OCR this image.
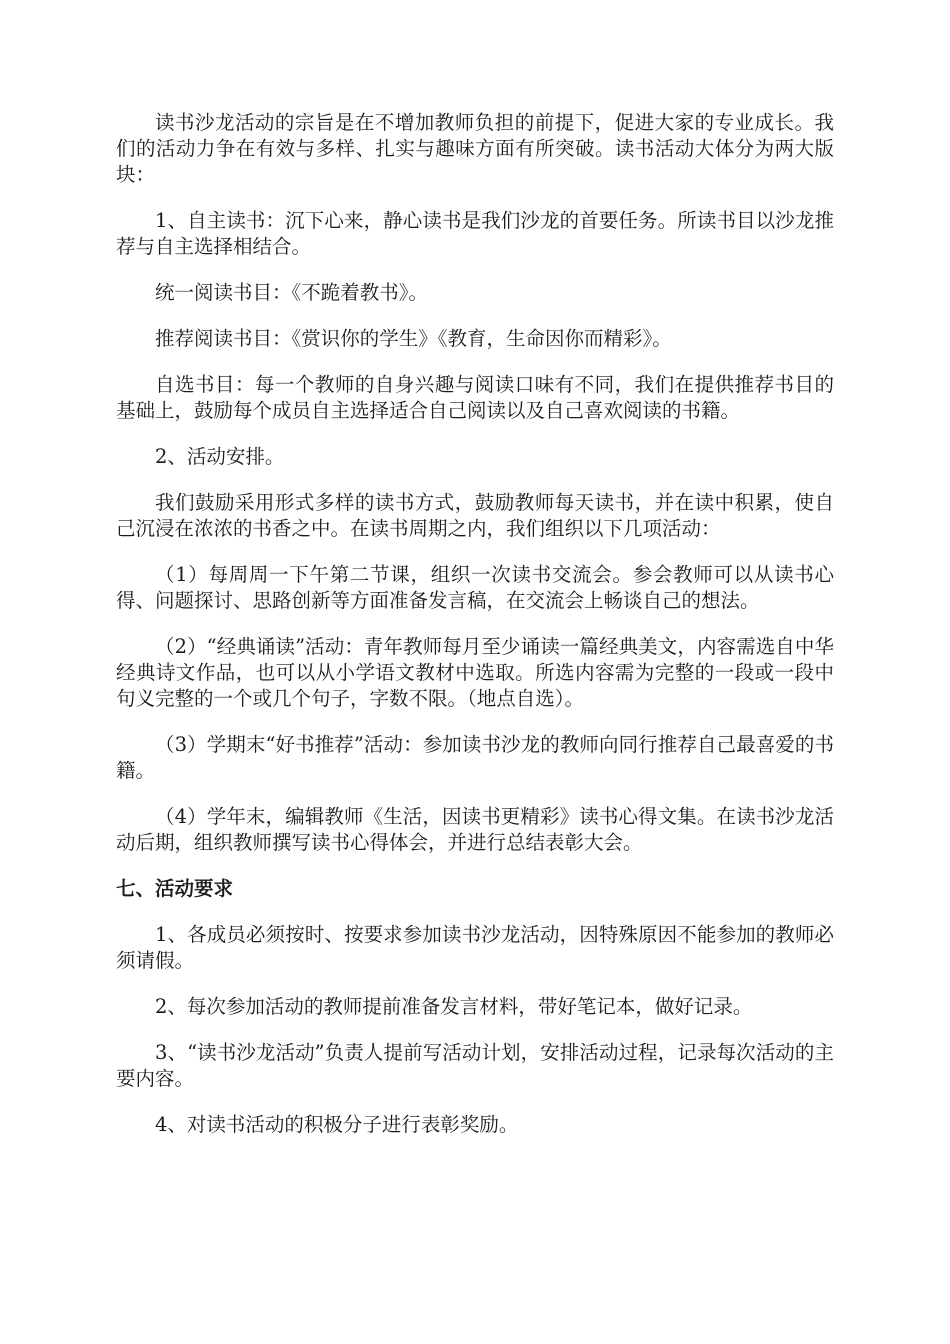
读书沙龙活动的宗旨是在不增加教师负担的前提下，促进大家的专业成长。我们的活动力争在有效与多样、扎实与趣味方面有所突破。读书活动大体分为两大版块：

1、自主读书：沉下心来，静心读书是我们沙龙的首要任务。所读书目以沙龙推荐与自主选择相结合。

统一阅读书目：《不跪着教书》。

推荐阅读书目：《赏识你的学生》《教育，生命因你而精彩》。

自选书目：每一个教师的自身兴趣与阅读口味有不同，我们在提供推荐书目的基础上，鼓励每个成员自主选择适合自己阅读以及自己喜欢阅读的书籍。

2、活动安排。

我们鼓励采用形式多样的读书方式，鼓励教师每天读书，并在读中积累，使自己沉浸在浓浓的书香之中。在读书周期之内，我们组织以下几项活动：

（1）每周周一下午第二节课，组织一次读书交流会。参会教师可以从读书心得、问题探讨、思路创新等方面准备发言稿，在交流会上畅谈自己的想法。

（2）“经典诵读”活动：青年教师每月至少诵读一篇经典美文，内容需选自中华经典诗文作品，也可以从小学语文教材中选取。所选内容需为完整的一段或一段中句义完整的一个或几个句子，字数不限。（地点自选）。

（3）学期末“好书推荐”活动：参加读书沙龙的教师向同行推荐自己最喜爱的书籍。

（4）学年末，编辑教师《生活，因读书更精彩》读书心得文集。在读书沙龙活动后期，组织教师撰写读书心得体会，并进行总结表彰大会。

七、活动要求

1、各成员必须按时、按要求参加读书沙龙活动，因特殊原因不能参加的教师必须请假。

2、每次参加活动的教师提前准备发言材料，带好笔记本，做好记录。

3、“读书沙龙活动”负责人提前写活动计划，安排活动过程，记录每次活动的主要内容。

4、对读书活动的积极分子进行表彰奖励。
